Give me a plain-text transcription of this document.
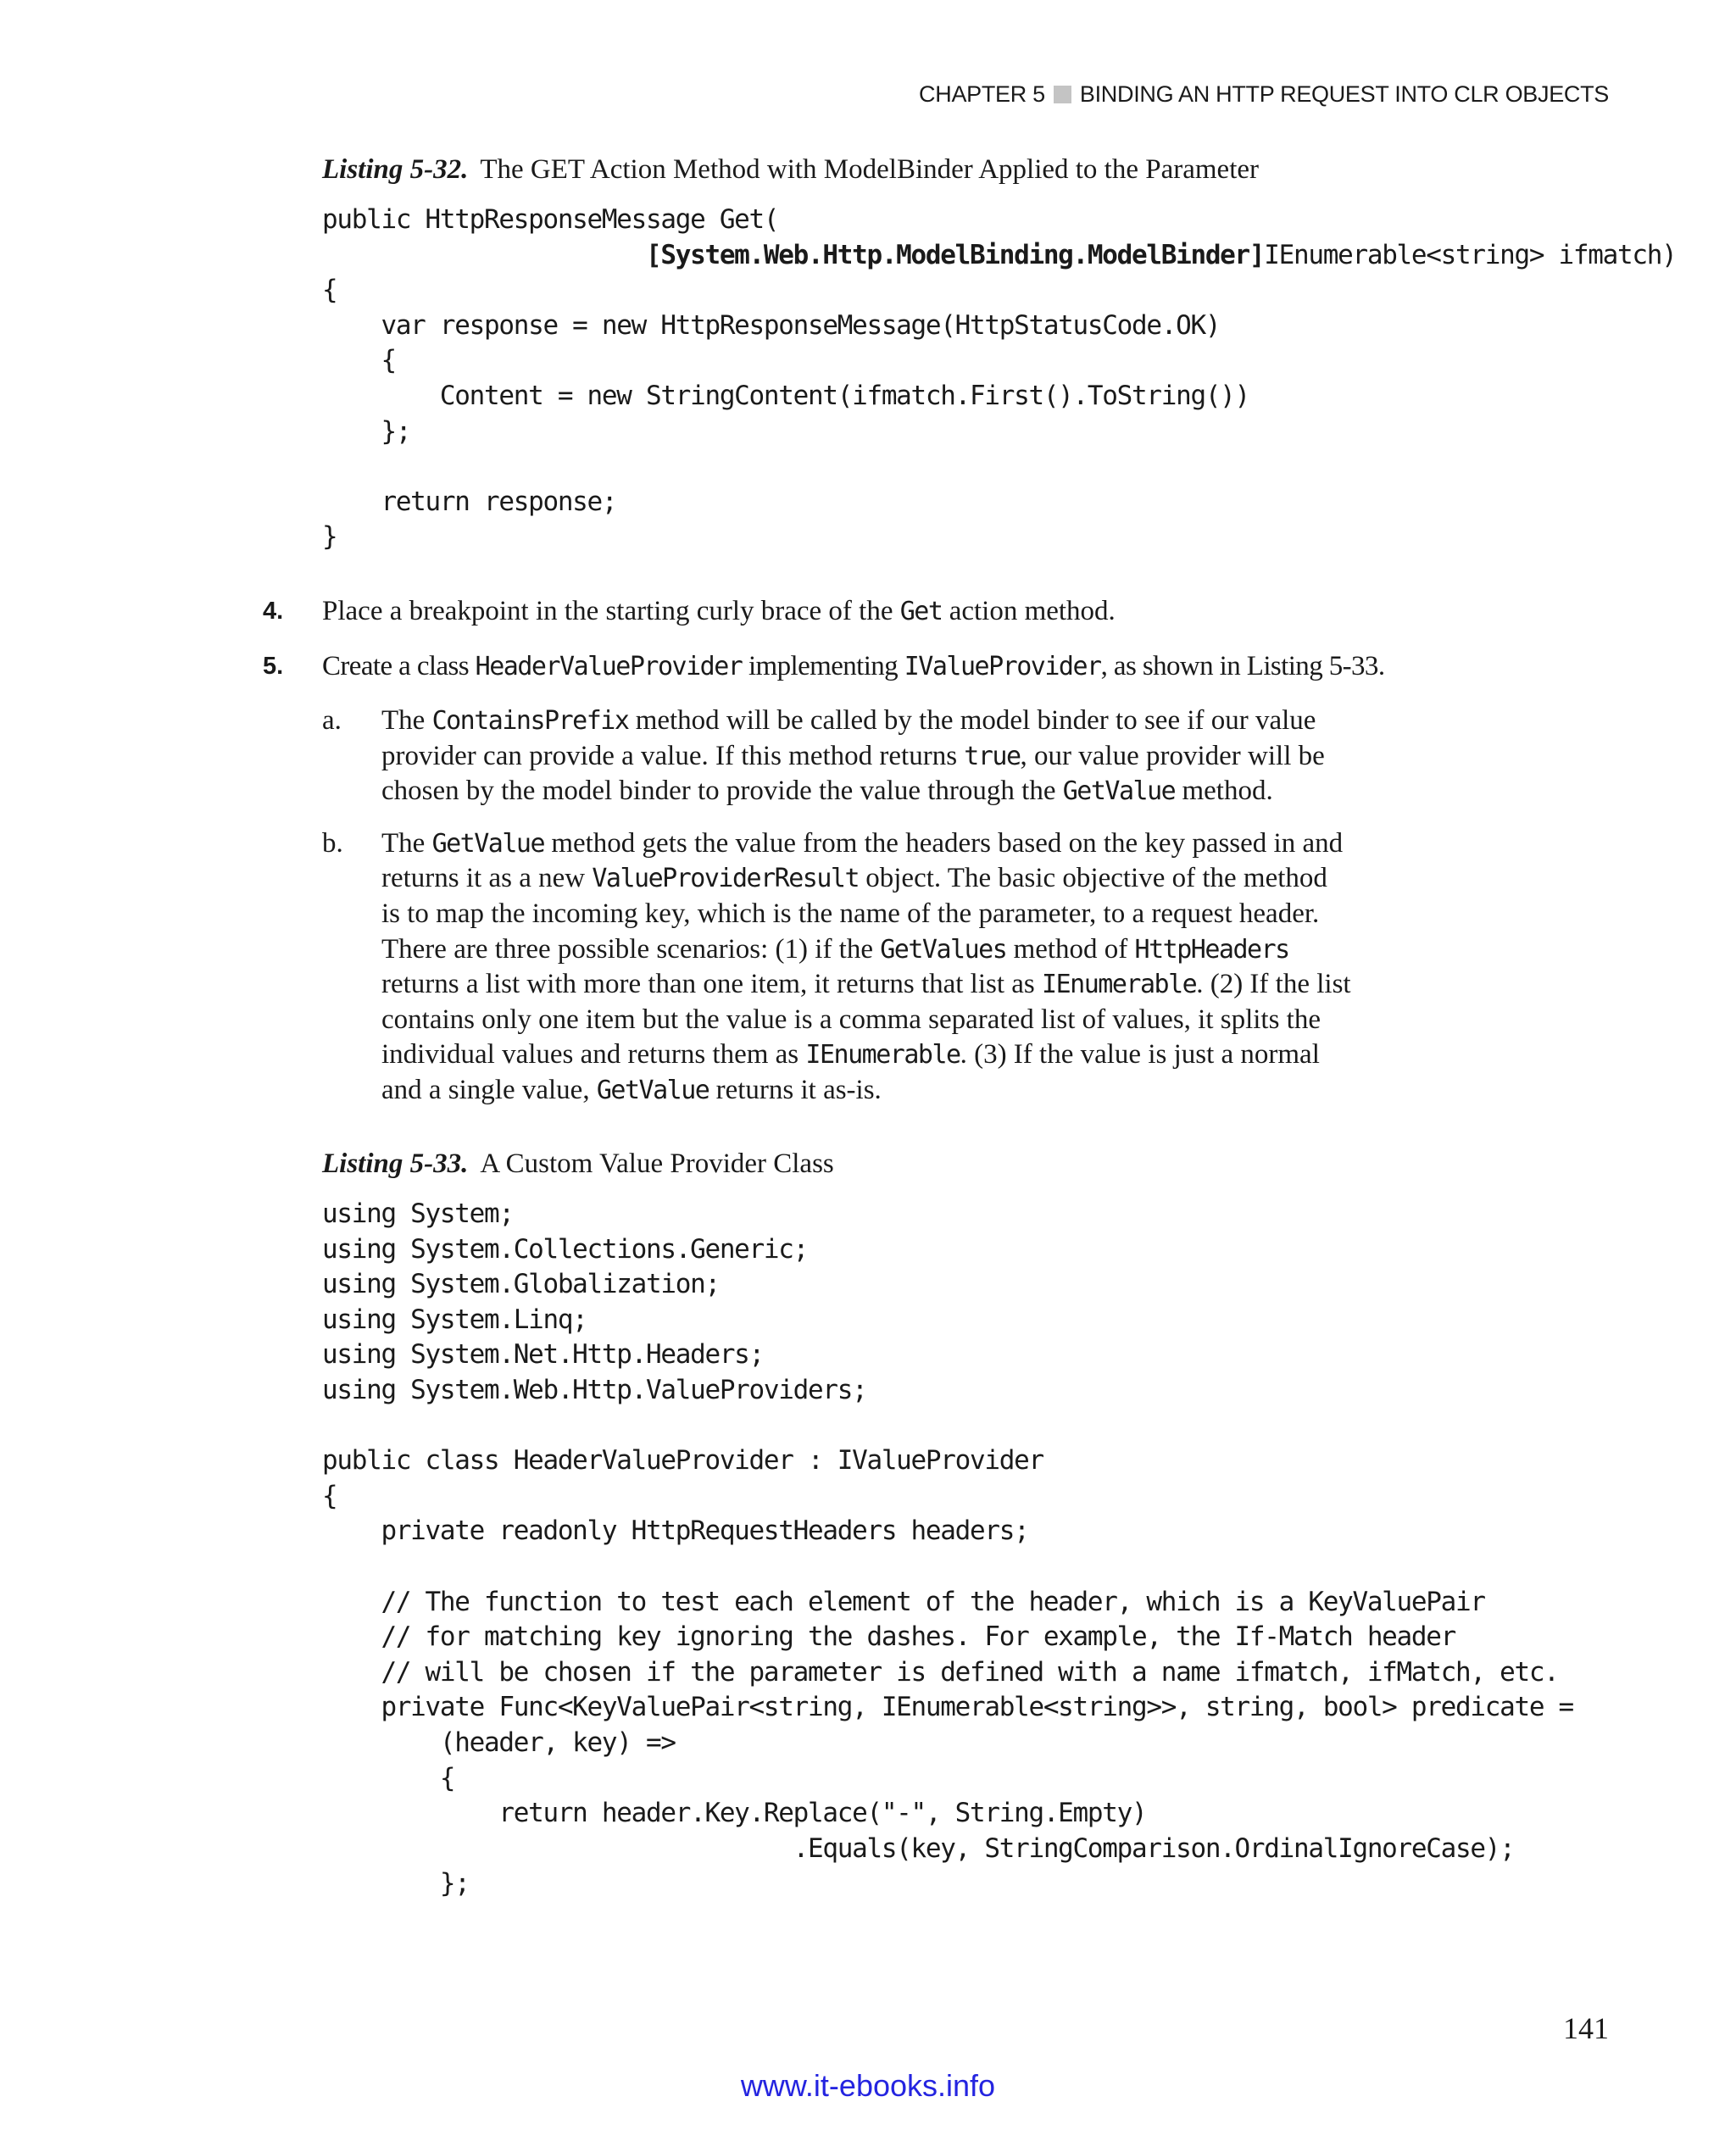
CHAPTER 5 BINDING AN HTTP REQUEST INTO CLR OBJECTS
Listing 5-32. The GET Action Method with ModelBinder Applied to the Parameter
public HttpResponseMessage Get(
[System.Web.Http.ModelBinding.ModelBinder]IEnumerable<string> ifmatch)
{
var response = new HttpResponseMessage(HttpStatusCode.OK)
{
Content = new StringContent(ifmatch.First().ToString())
};

return response;
}
4.	Place a breakpoint in the starting curly brace of the Get action method.
5.	Create a class HeaderValueProvider implementing IValueProvider, as shown in Listing 5-33.
a.	The ContainsPrefix method will be called by the model binder to see if our value
provider can provide a value. If this method returns true, our value provider will be
chosen by the model binder to provide the value through the GetValue method.
b.	The GetValue method gets the value from the headers based on the key passed in and
returns it as a new ValueProviderResult object. The basic objective of the method
is to map the incoming key, which is the name of the parameter, to a request header.
There are three possible scenarios: (1) if the GetValues method of HttpHeaders
returns a list with more than one item, it returns that list as IEnumerable. (2) If the list
contains only one item but the value is a comma separated list of values, it splits the
individual values and returns them as IEnumerable. (3) If the value is just a normal
and a single value, GetValue returns it as-is.
Listing 5-33. A Custom Value Provider Class
using System;
using System.Collections.Generic;
using System.Globalization;
using System.Linq;
using System.Net.Http.Headers;
using System.Web.Http.ValueProviders;

public class HeaderValueProvider : IValueProvider
{
private readonly HttpRequestHeaders headers;

// The function to test each element of the header, which is a KeyValuePair
// for matching key ignoring the dashes. For example, the If-Match header
// will be chosen if the parameter is defined with a name ifmatch, ifMatch, etc.
private Func<KeyValuePair<string, IEnumerable<string>>, string, bool> predicate =
(header, key) =>
{
return header.Key.Replace("-", String.Empty)
.Equals(key, StringComparison.OrdinalIgnoreCase);
};
141
www.it-ebooks.info
